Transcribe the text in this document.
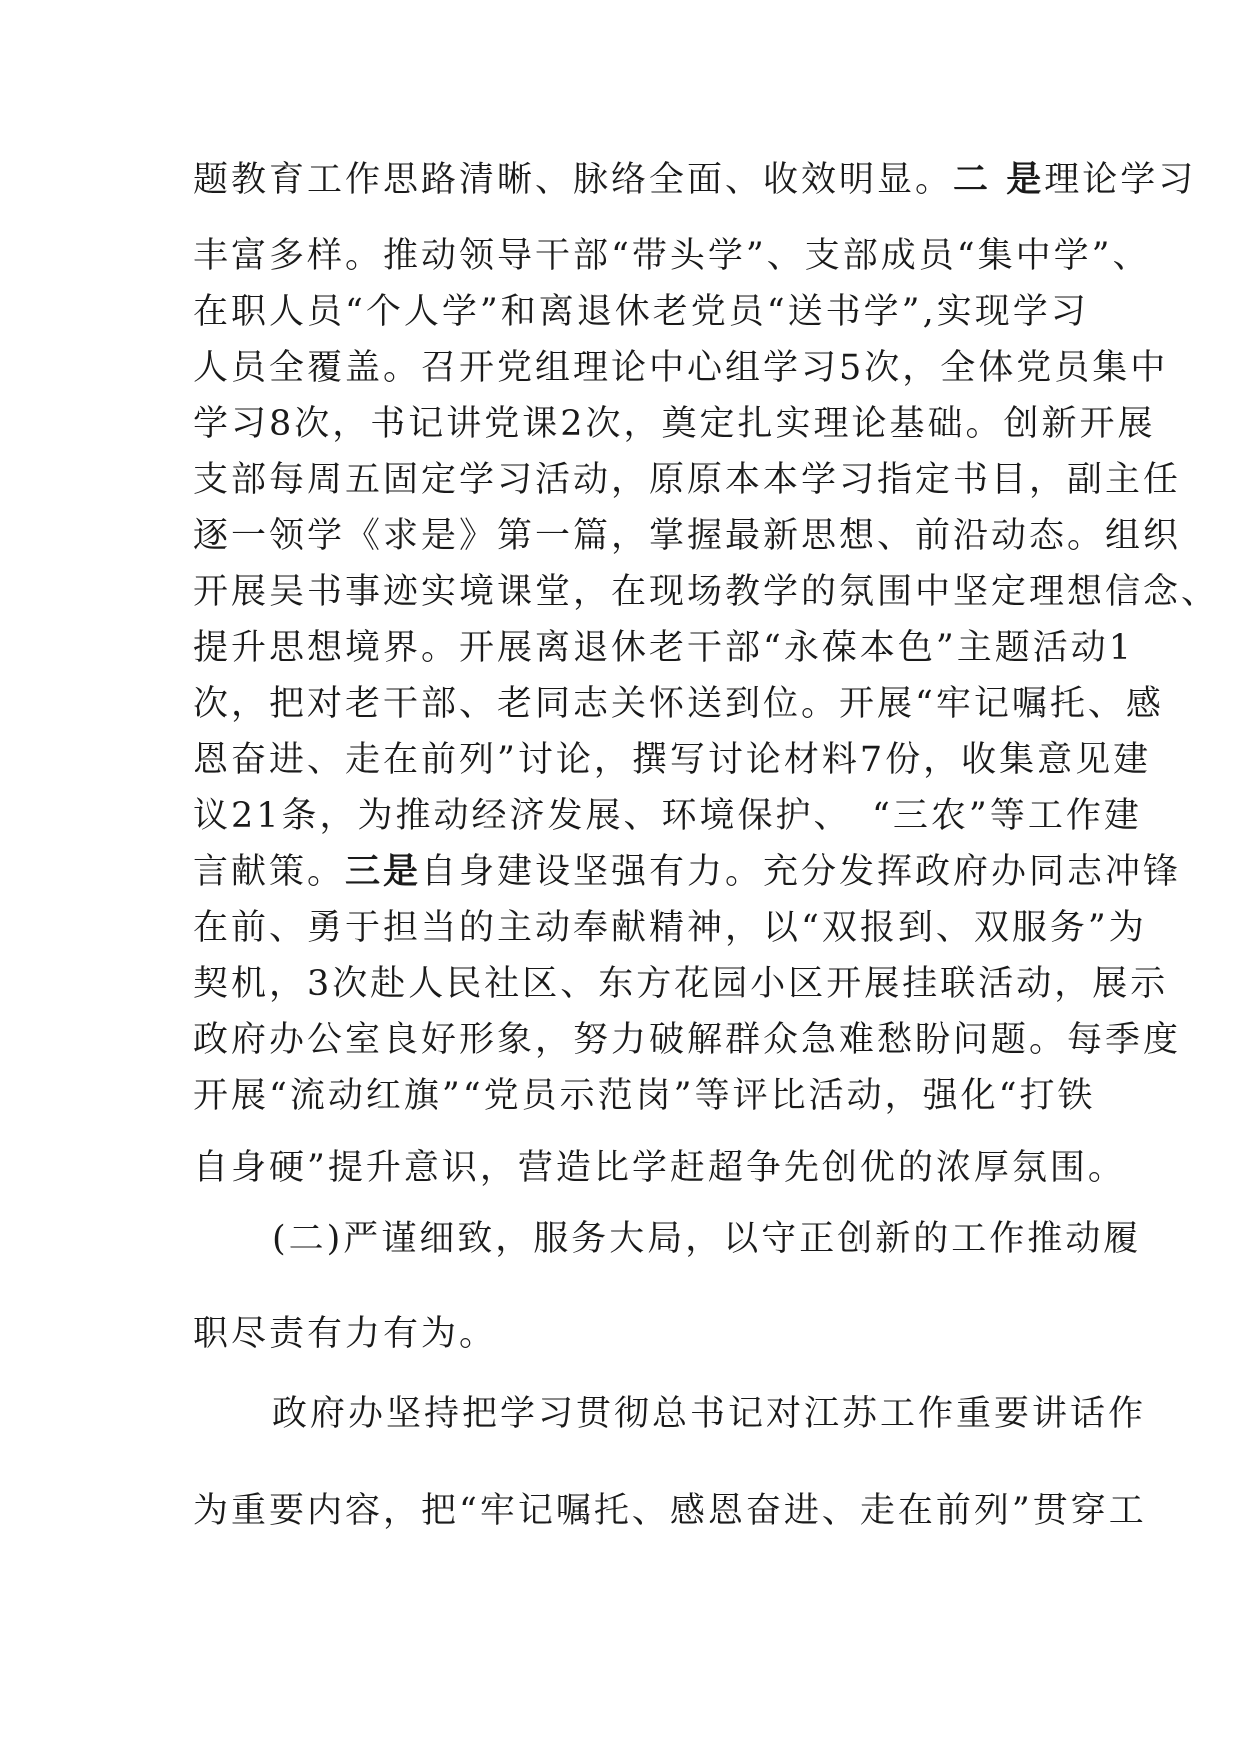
题教育工作思路清晰、脉络全面、收效明显。二 是理论学习
丰富多样。推动领导干部“带头学”、支部成员“集中学”、
在职人员“个人学”和离退休老党员“送书学”,实现学习
人员全覆盖。召开党组理论中心组学习5次，全体党员集中
学习8次，书记讲党课2次，奠定扎实理论基础。创新开展
支部每周五固定学习活动，原原本本学习指定书目，副主任
逐一领学《求是》第一篇，掌握最新思想、前沿动态。组织
开展吴书事迹实境课堂，在现场教学的氛围中坚定理想信念、
提升思想境界。开展离退休老干部“永葆本色”主题活动1
次，把对老干部、老同志关怀送到位。开展“牢记嘱托、感
恩奋进、走在前列”讨论，撰写讨论材料7份，收集意见建
议21条，为推动经济发展、环境保护、　“三农”等工作建
言献策。三是自身建设坚强有力。充分发挥政府办同志冲锋
在前、勇于担当的主动奉献精神，以“双报到、双服务”为
契机，3次赴人民社区、东方花园小区开展挂联活动，展示
政府办公室良好形象，努力破解群众急难愁盼问题。每季度
开展“流动红旗”“党员示范岗”等评比活动，强化“打铁
自身硬”提升意识，营造比学赶超争先创优的浓厚氛围。
(二)严谨细致，服务大局，以守正创新的工作推动履
职尽责有力有为。
政府办坚持把学习贯彻总书记对江苏工作重要讲话作
为重要内容，把“牢记嘱托、感恩奋进、走在前列”贯穿工
